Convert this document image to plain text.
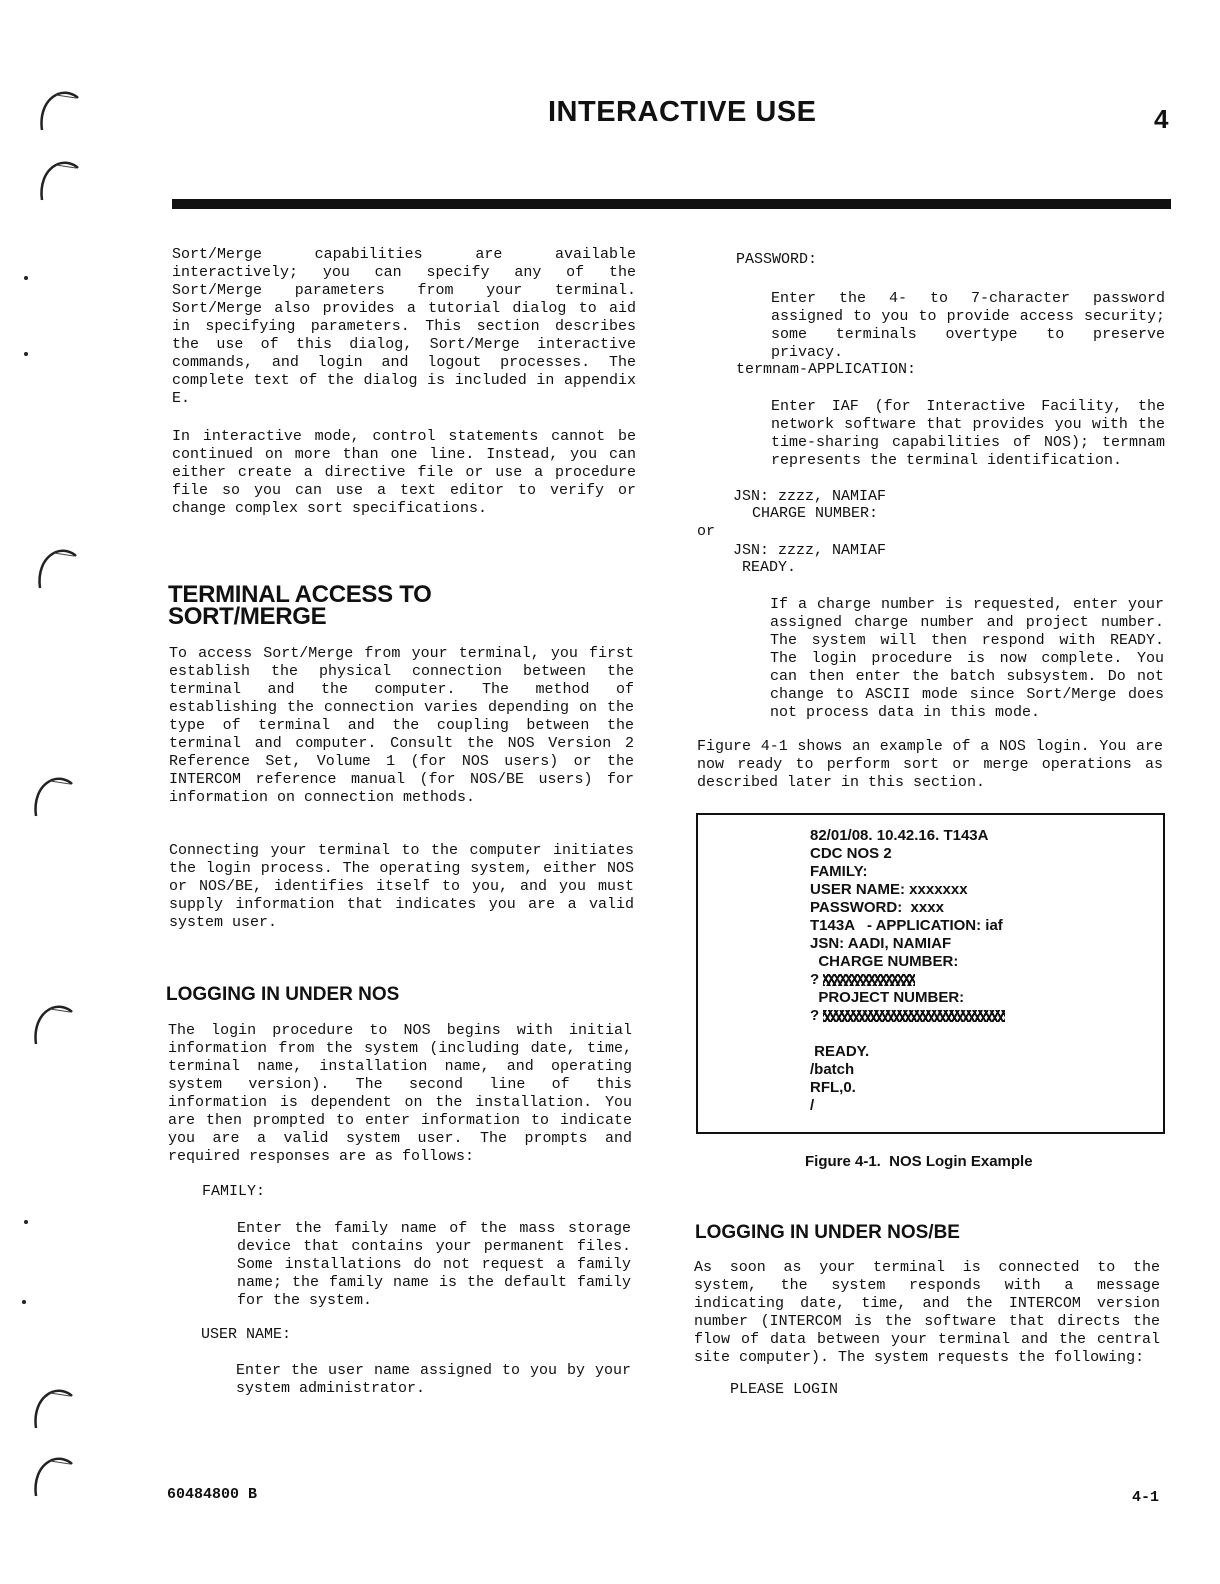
INTERACTIVE USE	4
Sort/Merge capabilities are available interactively; you can specify any of the Sort/Merge parameters from your terminal. Sort/Merge also provides a tutorial dialog to aid in specifying parameters. This section describes the use of this dialog, Sort/Merge interactive commands, and login and logout processes. The complete text of the dialog is included in appendix E.
In interactive mode, control statements cannot be continued on more than one line. Instead, you can either create a directive file or use a procedure file so you can use a text editor to verify or change complex sort specifications.
TERMINAL ACCESS TO
SORT/MERGE
To access Sort/Merge from your terminal, you first establish the physical connection between the terminal and the computer. The method of establishing the connection varies depending on the type of terminal and the coupling between the terminal and computer. Consult the NOS Version 2 Reference Set, Volume 1 (for NOS users) or the INTERCOM reference manual (for NOS/BE users) for information on connection methods.
Connecting your terminal to the computer initiates the login process. The operating system, either NOS or NOS/BE, identifies itself to you, and you must supply information that indicates you are a valid system user.
LOGGING IN UNDER NOS
The login procedure to NOS begins with initial information from the system (including date, time, terminal name, installation name, and operating system version). The second line of this information is dependent on the installation. You are then prompted to enter information to indicate you are a valid system user. The prompts and required responses are as follows:
FAMILY:
Enter the family name of the mass storage device that contains your permanent files. Some installations do not request a family name; the family name is the default family for the system.
USER NAME:
Enter the user name assigned to you by your system administrator.
PASSWORD:
Enter the 4- to 7-character password assigned to you to provide access security; some terminals overtype to preserve privacy.
termnam-APPLICATION:
Enter IAF (for Interactive Facility, the network software that provides you with the time-sharing capabilities of NOS); termnam represents the terminal identification.
JSN: zzzz, NAMIAF
CHARGE NUMBER:
or
JSN: zzzz, NAMIAF
READY.
If a charge number is requested, enter your assigned charge number and project number. The system will then respond with READY. The login procedure is now complete. You can then enter the batch subsystem. Do not change to ASCII mode since Sort/Merge does not process data in this mode.
Figure 4-1 shows an example of a NOS login. You are now ready to perform sort or merge operations as described later in this section.
82/01/08. 10.42.16. T143A
CDC NOS 2
FAMILY:
USER NAME: xxxxxxx
PASSWORD:  xxxx
T143A   - APPLICATION: iaf
JSN: AADI, NAMIAF
CHARGE NUMBER:
?
PROJECT NUMBER:
?
READY.
/batch
RFL,0.
/
Figure 4-1.  NOS Login Example
LOGGING IN UNDER NOS/BE
As soon as your terminal is connected to the system, the system responds with a message indicating date, time, and the INTERCOM version number (INTERCOM is the software that directs the flow of data between your terminal and the central site computer). The system requests the following:
PLEASE LOGIN
60484800 B	4-1
